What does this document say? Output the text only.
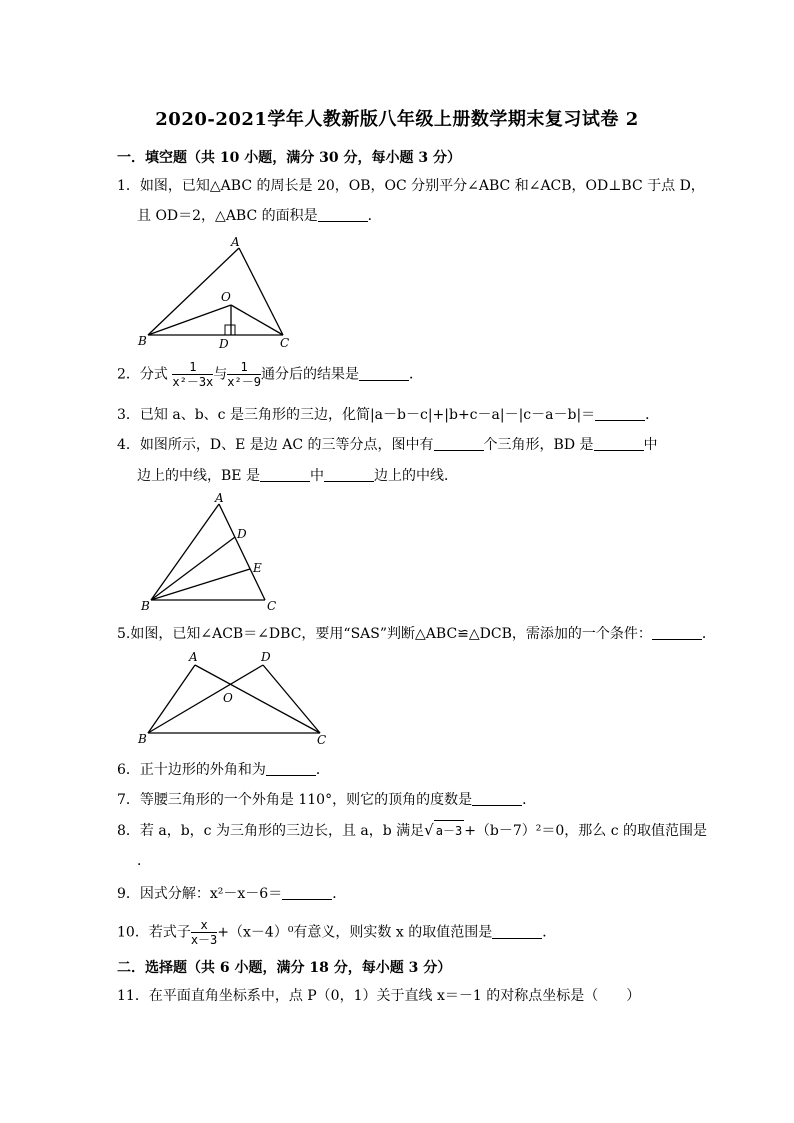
2020-2021学年人教新版八年级上册数学期末复习试卷 2
一．填空题（共 10 小题，满分 30 分，每小题 3 分）
1．如图，已知△ABC 的周长是 20，OB，OC 分别平分∠ABC 和∠ACB，OD⊥BC 于点 D，
且 OD＝2，△ABC 的面积是	．
A
O
B	D	C
2．分式 $\frac{1}{\text{x²－3x}}$ 与 $\frac{1}{\text{x²－9}}$ 通分后的结果是	．
3．已知 a、b、c 是三角形的三边，化简|a－b－c|+|b+c－a|－|c－a－b|＝	．
4．如图所示，D、E 是边 AC 的三等分点，图中有	个三角形，BD 是	中
边上的中线，BE 是	中	边上的中线．
A
D
E
B	C
5.如图，已知∠ACB＝∠DBC，要用“SAS”判断△ABC≌△DCB，需添加的一个条件：	．
A	D
O
B	C
6．正十边形的外角和为	．
7．等腰三角形的一个外角是 110°，则它的顶角的度数是	．
8．若 a，b，c 为三角形的三边长，且 a，b 满足√ a－3 +（b－7）²＝0，那么 c 的取值范围是
．
9．因式分解：x²－x－6＝	．
10．若式子 $\frac{x}{x-3} +(x-4)^0$有意义，则实数 x 的取值范围是	．
二．选择题（共 6 小题，满分 18 分，每小题 3 分）
11．在平面直角坐标系中，点 P（0，1）关于直线 x＝－1 的对称点坐标是（　　）
